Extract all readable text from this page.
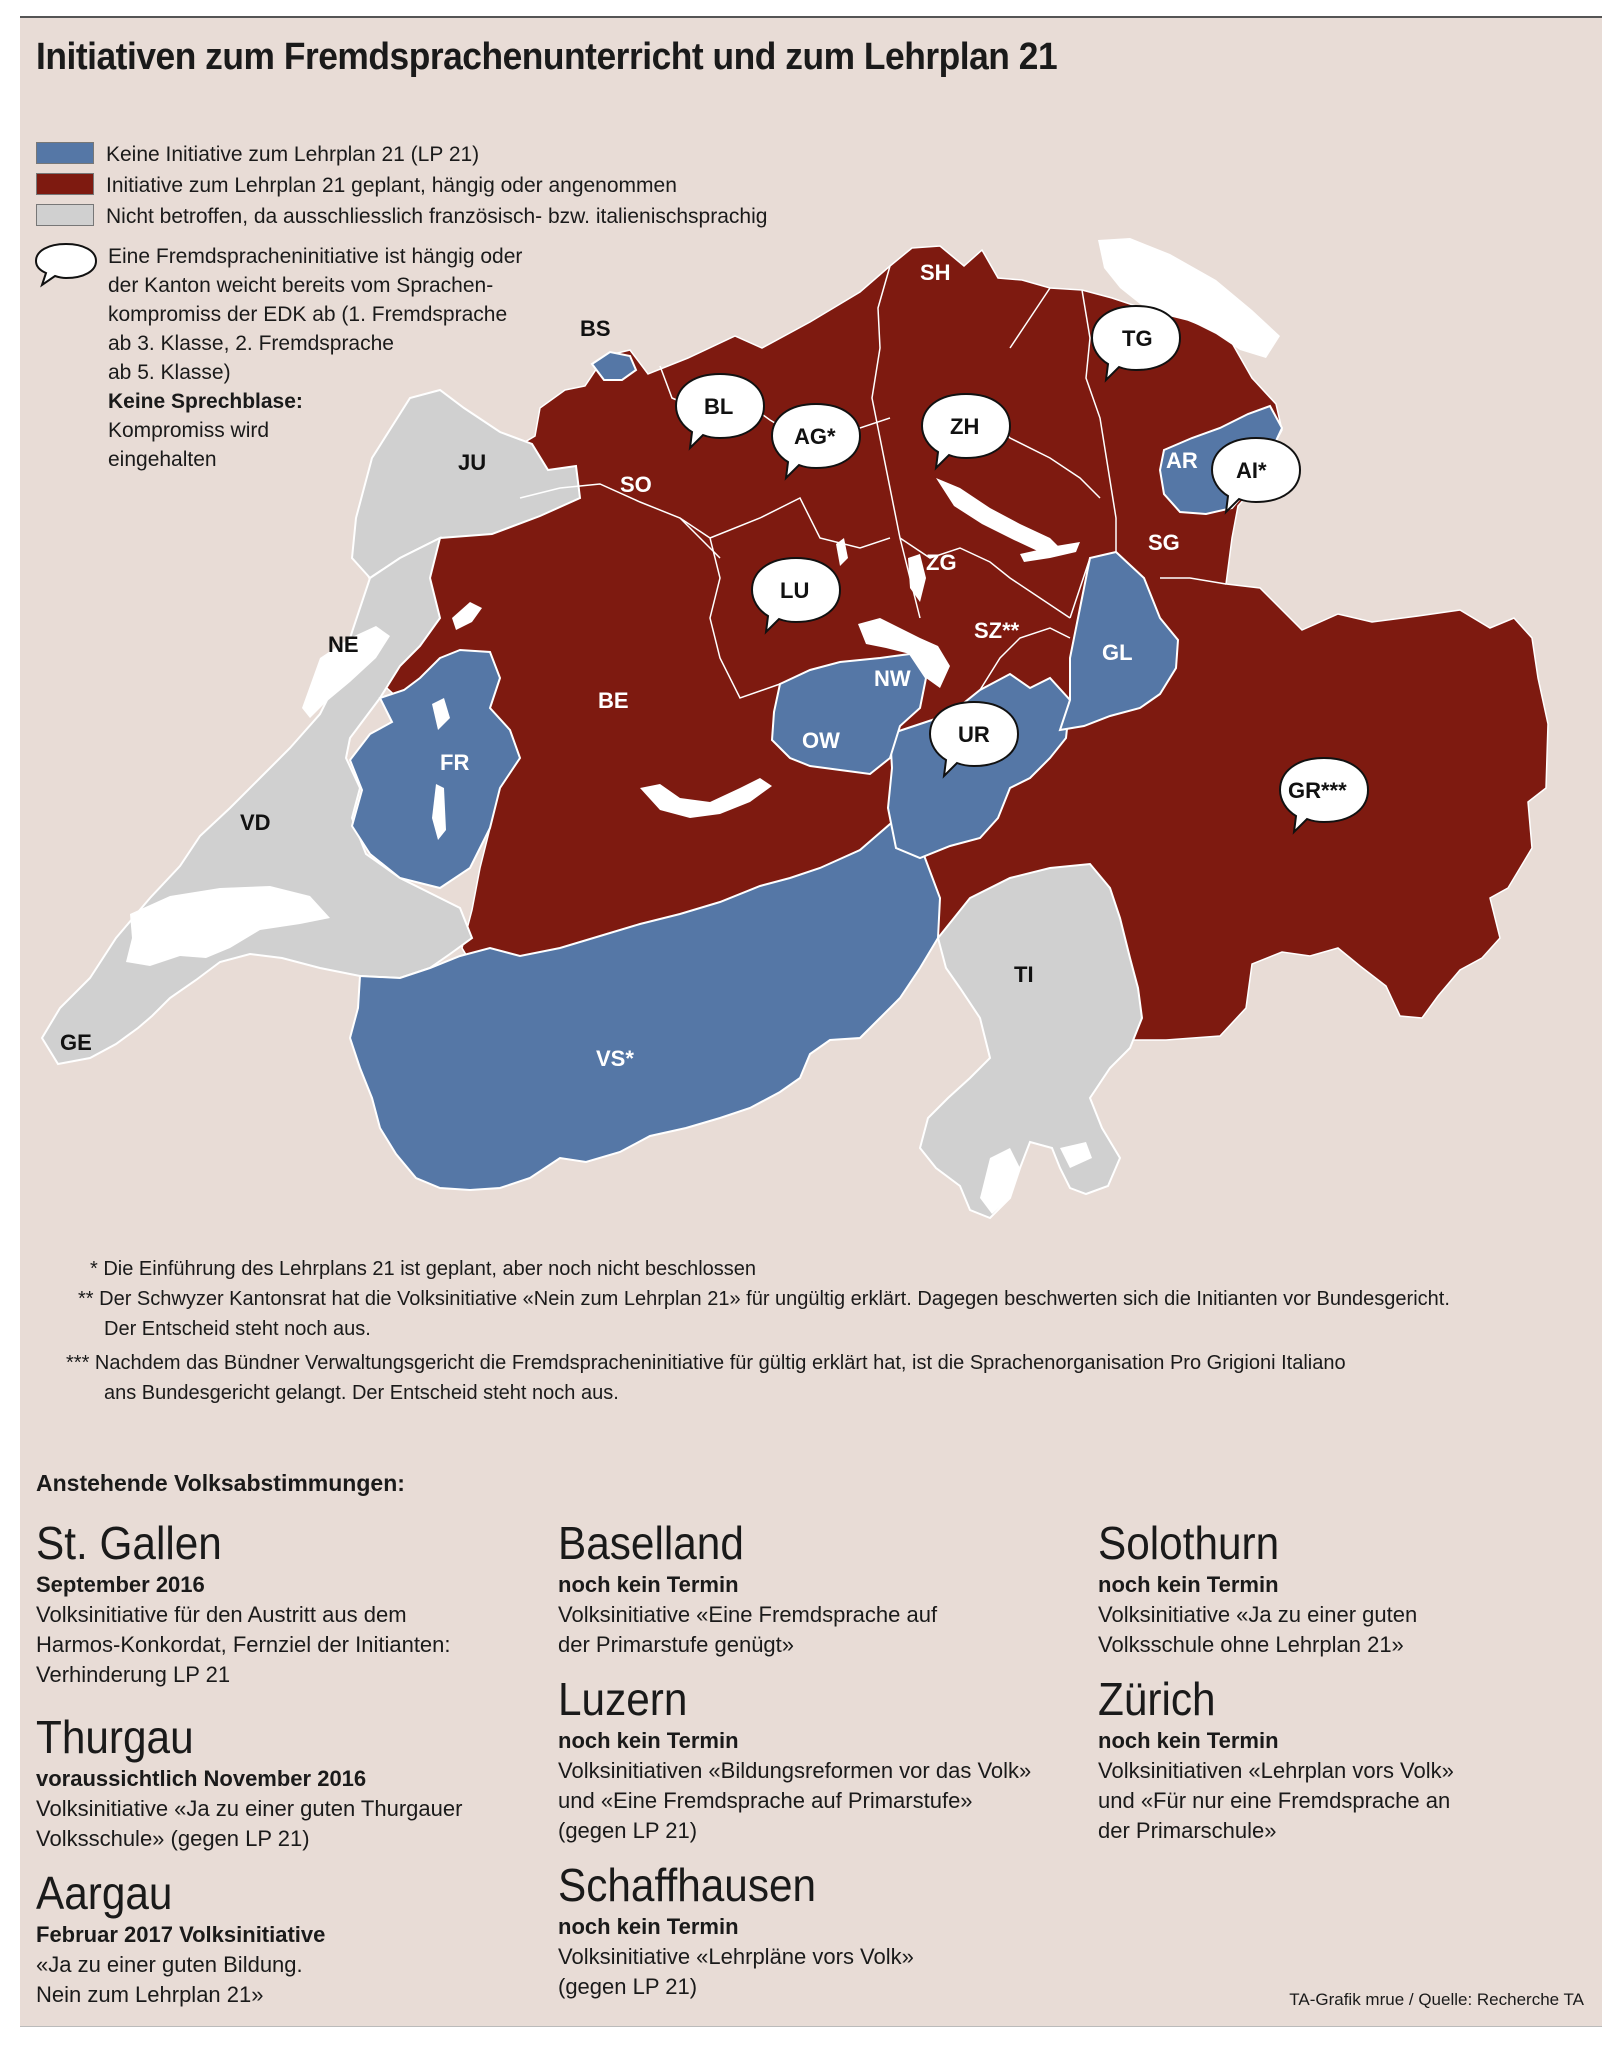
Initiativen zum Fremdsprachenunterricht und zum Lehrplan 21
Keine Initiative zum Lehrplan 21 (LP 21)
Initiative zum Lehrplan 21 geplant, hängig oder angenommen
Nicht betroffen, da ausschliesslich französisch- bzw. italienischsprachig
Eine Fremdspracheninitiative ist hängig oder
der Kanton weicht bereits vom Sprachen-
kompromiss der EDK ab (1. Fremdsprache
ab 3. Klasse, 2. Fremdsprache
ab 5. Klasse)
Keine Sprechblase:
Kompromiss wird
eingehalten
SH
BS
BL
AG*	ZH
TG
JU
SO
AR AI*
SG
LU
ZG
SZ**
NE	GL
BE
NW
OW	UR
FR
GR***
VD
TI
GE
VS*
* Die Einführung des Lehrplans 21 ist geplant, aber noch nicht beschlossen
** Der Schwyzer Kantonsrat hat die Volksinitiative «Nein zum Lehrplan 21» für ungültig erklärt. Dagegen beschwerten sich die Initianten vor Bundesgericht.
Der Entscheid steht noch aus.
*** Nachdem das Bündner Verwaltungsgericht die Fremdspracheninitiative für gültig erklärt hat, ist die Sprachenorganisation Pro Grigioni Italiano
ans Bundesgericht gelangt. Der Entscheid steht noch aus.
Anstehende Volksabstimmungen:
St. Gallen
September 2016
Volksinitiative für den Austritt aus dem
Harmos-Konkordat, Fernziel der Initianten:
Verhinderung LP 21
Thurgau
voraussichtlich November 2016
Volksinitiative «Ja zu einer guten Thurgauer
Volksschule» (gegen LP 21)
Aargau
Februar 2017 Volksinitiative
«Ja zu einer guten Bildung.
Nein zum Lehrplan 21»
Baselland
noch kein Termin
Volksinitiative «Eine Fremdsprache auf
der Primarstufe genügt»
Luzern
noch kein Termin
Volksinitiativen «Bildungsreformen vor das Volk»
und «Eine Fremdsprache auf Primarstufe»
(gegen LP 21)
Schaffhausen
noch kein Termin
Volksinitiative «Lehrpläne vors Volk»
(gegen LP 21)
Solothurn
noch kein Termin
Volksinitiative «Ja zu einer guten
Volksschule ohne Lehrplan 21»
Zürich
noch kein Termin
Volksinitiativen «Lehrplan vors Volk»
und «Für nur eine Fremdsprache an
der Primarschule»
TA-Grafik mrue / Quelle: Recherche TA
